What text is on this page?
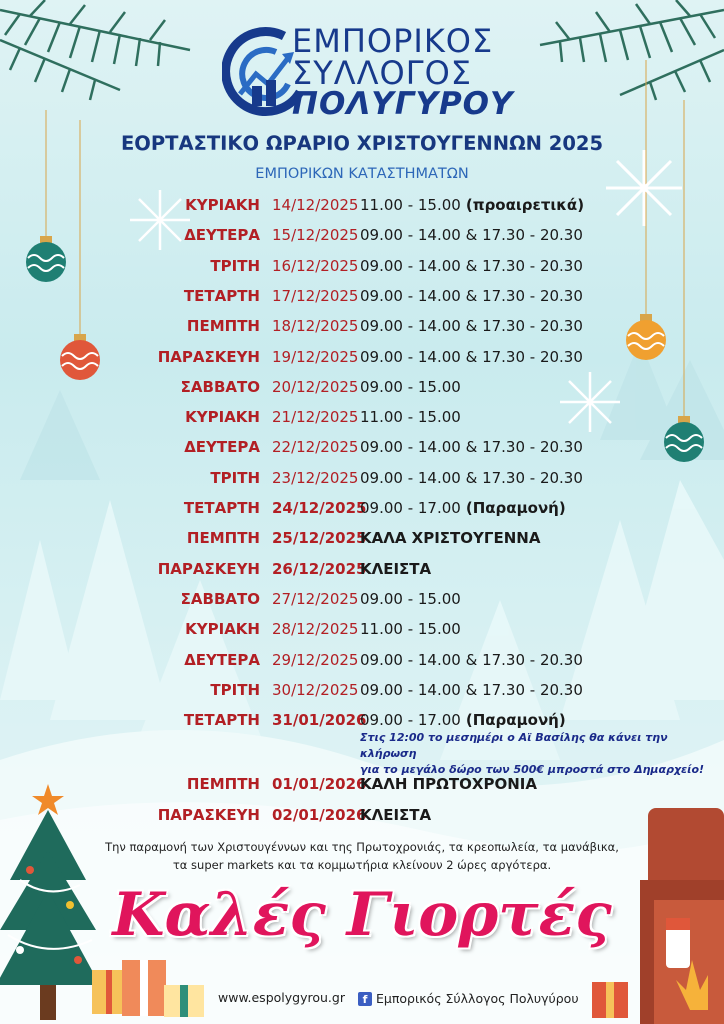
ΕΜΠΟΡΙΚΟΣ
ΣΥΛΛΟΓΟΣ
ΠΟΛΥΓΥΡΟΥ
ΕΟΡΤΑΣΤΙΚΟ ΩΡΑΡΙΟ ΧΡΙΣΤΟΥΓΕΝΝΩΝ 2025
ΕΜΠΟΡΙΚΩΝ ΚΑΤΑΣΤΗΜΑΤΩΝ
ΚΥΡΙΑΚΗ 14/12/2025 11.00 - 15.00 (προαιρετικά)
ΔΕΥΤΕΡΑ 15/12/2025 09.00 - 14.00 & 17.30 - 20.30
ΤΡΙΤΗ 16/12/2025 09.00 - 14.00 & 17.30 - 20.30
ΤΕΤΑΡΤΗ 17/12/2025 09.00 - 14.00 & 17.30 - 20.30
ΠΕΜΠΤΗ 18/12/2025 09.00 - 14.00 & 17.30 - 20.30
ΠΑΡΑΣΚΕΥΗ 19/12/2025 09.00 - 14.00 & 17.30 - 20.30
ΣΑΒΒΑΤΟ 20/12/2025 09.00 - 15.00
ΚΥΡΙΑΚΗ 21/12/2025 11.00 - 15.00
ΔΕΥΤΕΡΑ 22/12/2025 09.00 - 14.00 & 17.30 - 20.30
ΤΡΙΤΗ 23/12/2025 09.00 - 14.00 & 17.30 - 20.30
ΤΕΤΑΡΤΗ 24/12/2025
09.00 - 17.00 (Παραμονή)
ΠΕΜΠΤΗ 25/12/2025
ΚΑΛΑ ΧΡΙΣΤΟΥΓΕΝΝΑ
ΠΑΡΑΣΚΕΥΗ 26/12/2025
ΚΛΕΙΣΤΑ
ΣΑΒΒΑΤΟ 27/12/2025 09.00 - 15.00
ΚΥΡΙΑΚΗ 28/12/2025 11.00 - 15.00
ΔΕΥΤΕΡΑ 29/12/2025 09.00 - 14.00 & 17.30 - 20.30
ΤΡΙΤΗ 30/12/2025 09.00 - 14.00 & 17.30 - 20.30
ΤΕΤΑΡΤΗ 31/01/2026
09.00 - 17.00 (Παραμονή)
Στις 12:00 το μεσημέρι ο Αϊ Βασίλης θα κάνει την κλήρωση
για το μεγάλο δώρο των 500€ μπροστά στο Δημαρχείο!
ΠΕΜΠΤΗ 01/01/2026
ΚΑΛΗ ΠΡΩΤΟΧΡΟΝΙΑ
ΠΑΡΑΣΚΕΥΗ 02/01/2026
ΚΛΕΙΣΤΑ
Την παραμονή των Χριστουγέννων και της Πρωτοχρονιάς, τα κρεοπωλεία, τα μανάβικα,
τα super markets και τα κομμωτήρια κλείνουν 2 ώρες αργότερα.
Καλές Γιορτές
www.espolygyrou.gr	f Εμπορικός Σύλλογος Πολυγύρου
